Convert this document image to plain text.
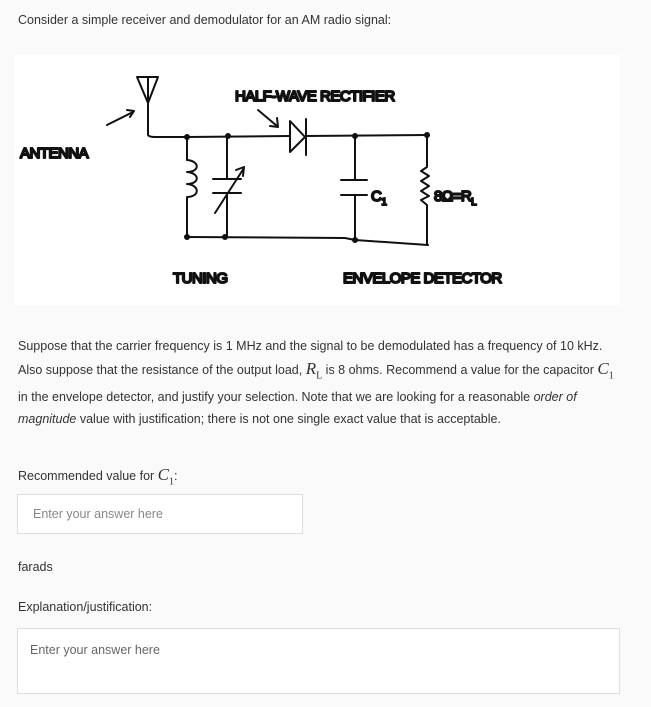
Consider a simple receiver and demodulator for an AM radio signal:
HALF-WAVE RECTIFIER
ANTENNA
TUNING	ENVELOPE DETECTOR
$C_1$	$8\Omega=R_L$
Suppose that the carrier frequency is 1 MHz and the signal to be demodulated has a frequency of 10 kHz. Also suppose that the resistance of the output load, $R_L$ is 8 ohms. Recommend a value for the capacitor $C_1$ in the envelope detector, and justify your selection. Note that we are looking for a reasonable order of magnitude value with justification; there is not one single exact value that is acceptable.
Recommended value for $C_1$:
Enter your answer here
farads
Explanation/justification:
Enter your answer here
